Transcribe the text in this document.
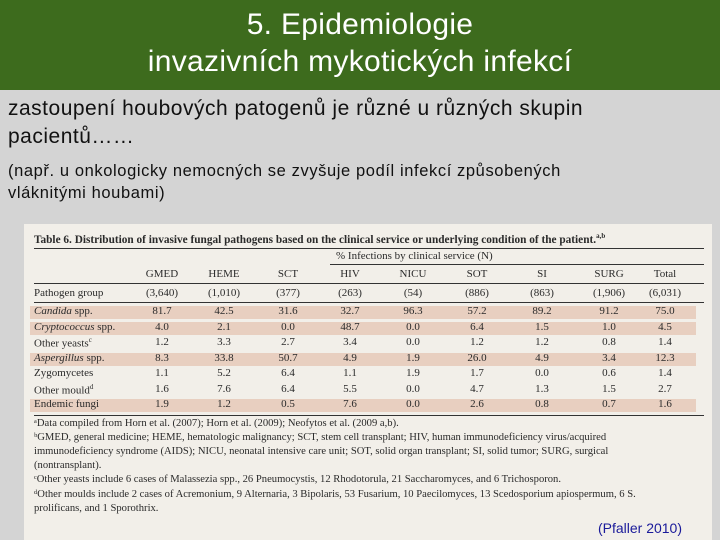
5. Epidemiologie
invazivních mykotických infekcí
zastoupení houbových patogenů je různé u různých skupin
pacientů……
(např. u onkologicky nemocných se zvyšuje podíl infekcí způsobených
vláknitými houbami)
Table 6. Distribution of invasive fungal pathogens based on the clinical service or underlying condition of the patient.$^{a,b}$
% Infections by clinical service (N)
GMED	HEME	SCT	HIV	NICU	SOT	SI	SURG	Total
Pathogen group	(3,640)	(1,010)	(377)	(263)	(54)	(886)	(863)	(1,906)	(6,031)
Candida spp.	81.7	42.5	31.6	32.7	96.3	57.2	89.2	91.2	75.0
Cryptococcus spp.	4.0	2.1	0.0	48.7	0.0	6.4	1.5	1.0	4.5
Other yeasts$^c$	1.2	3.3	2.7	3.4	0.0	1.2	1.2	0.8	1.4
Aspergillus spp.	8.3	33.8	50.7	4.9	1.9	26.0	4.9	3.4	12.3
Zygomycetes	1.1	5.2	6.4	1.1	1.9	1.7	0.0	0.6	1.4
Other mould$^d$	1.6	7.6	6.4	5.5	0.0	4.7	1.3	1.5	2.7
Endemic fungi	1.9	1.2	0.5	7.6	0.0	2.6	0.8	0.7	1.6
ᵃData compiled from Horn et al. (2007); Horn et al. (2009); Neofytos et al. (2009 a,b).
ᵇGMED, general medicine; HEME, hematologic malignancy; SCT, stem cell transplant; HIV, human immunodeficiency virus/acquired
immunodeficiency syndrome (AIDS); NICU, neonatal intensive care unit; SOT, solid organ transplant; SI, solid tumor; SURG, surgical
(nontransplant).
ᶜOther yeasts include 6 cases of Malassezia spp., 26 Pneumocystis, 12 Rhodotorula, 21 Saccharomyces, and 6 Trichosporon.
ᵈOther moulds include 2 cases of Acremonium, 9 Alternaria, 3 Bipolaris, 53 Fusarium, 10 Paecilomyces, 13 Scedosporium apiospermum, 6 S.
prolificans, and 1 Sporothrix.
(Pfaller 2010)
